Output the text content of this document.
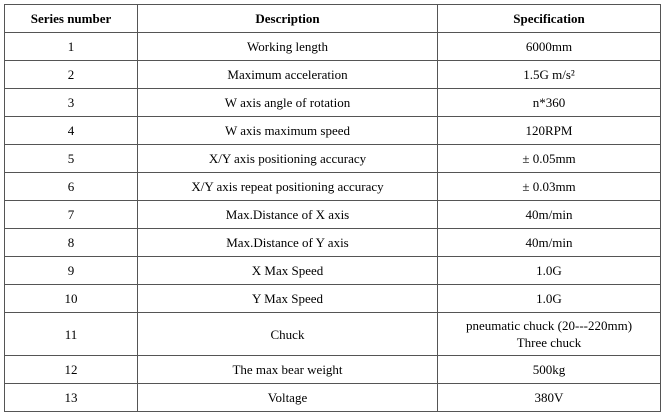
Series number	Description	Specification
1	Working length	6000mm
2	Maximum acceleration	1.5G m/s²
3	W axis angle of rotation	n*360
4	W axis maximum speed	120RPM
5	X/Y axis positioning accuracy	± 0.05mm
6	X/Y axis repeat positioning accuracy	± 0.03mm
7	Max.Distance of X axis	40m/min
8	Max.Distance of Y axis	40m/min
9	X Max Speed	1.0G
10	Y Max Speed	1.0G
11	Chuck	pneumatic chuck (20---220mm)
Three chuck

12	The max bear weight	500kg
13	Voltage	380V
